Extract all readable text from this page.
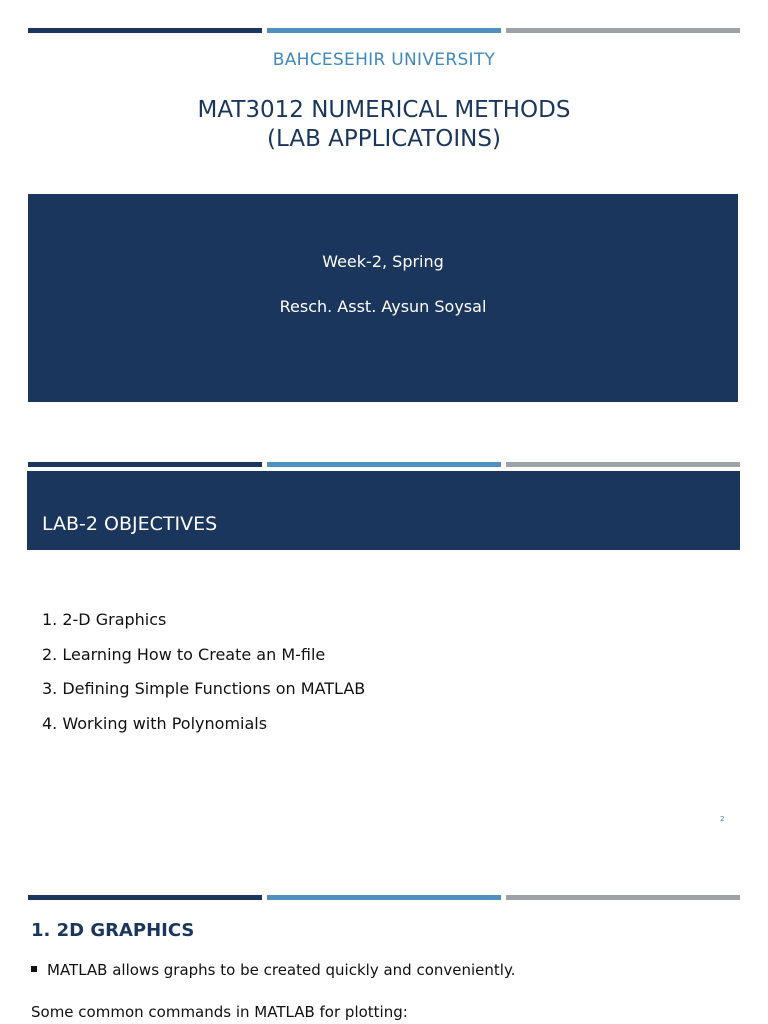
BAHCESEHIR UNIVERSITY
MAT3012 NUMERICAL METHODS
(LAB APPLICATOINS)
Week-2, Spring
Resch. Asst. Aysun Soysal
LAB-2 OBJECTIVES
1. 2-D Graphics
2. Learning How to Create an M-file
3. Defining Simple Functions on MATLAB
4. Working with Polynomials
2
1. 2D GRAPHICS
MATLAB allows graphs to be created quickly and conveniently.
Some common commands in MATLAB for plotting:
